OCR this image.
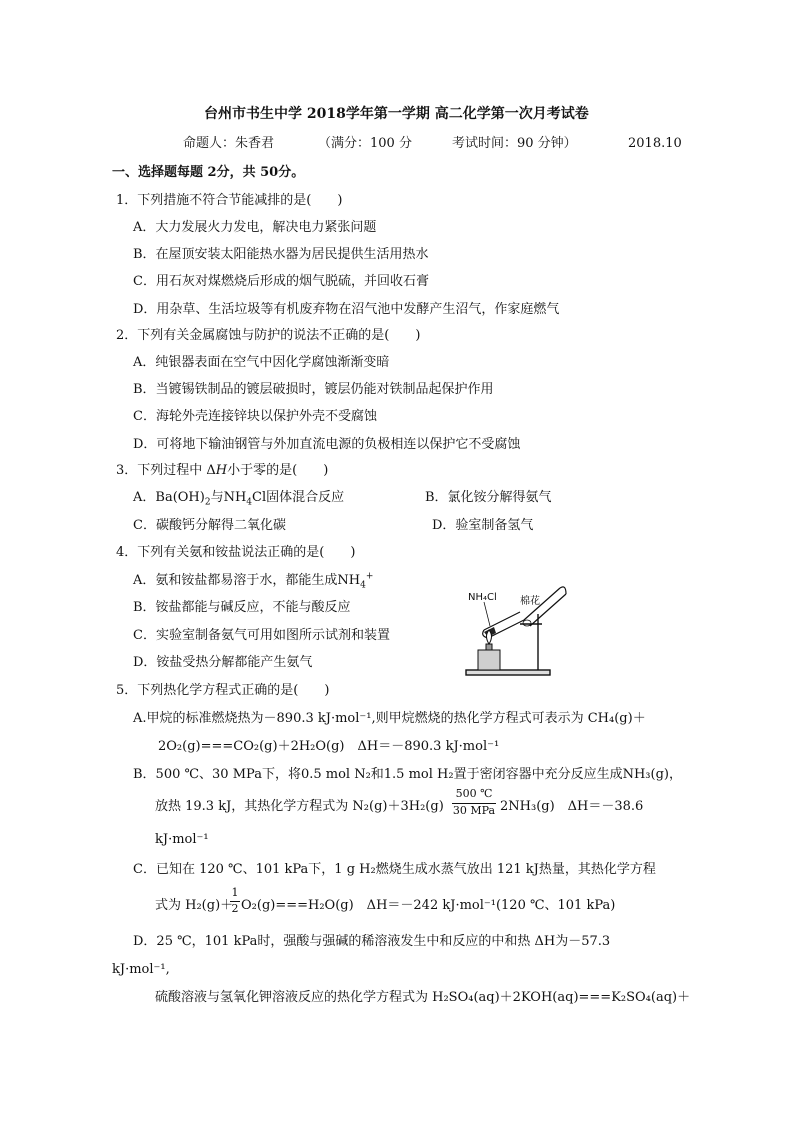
台州市书生中学 2018学年第一学期 高二化学第一次月考试卷
命题人：朱香君	（满分：100 分	考试时间：90 分钟）	2018.10
一、选择题每题 2分，共 50分。
1．下列措施不符合节能减排的是(　　)
A．大力发展火力发电，解决电力紧张问题
B．在屋顶安装太阳能热水器为居民提供生活用热水
C．用石灰对煤燃烧后形成的烟气脱硫，并回收石膏
D．用杂草、生活垃圾等有机废弃物在沼气池中发酵产生沼气，作家庭燃气
2．下列有关金属腐蚀与防护的说法不正确的是(　　)
A．纯银器表面在空气中因化学腐蚀渐渐变暗
B．当镀锡铁制品的镀层破损时，镀层仍能对铁制品起保护作用
C．海轮外壳连接锌块以保护外壳不受腐蚀
D．可将地下输油钢管与外加直流电源的负极相连以保护它不受腐蚀
3．下列过程中 ΔH小于零的是(　　)
A．$Ba(OH)_2$与$NH_4Cl$固体混合反应	B．氯化铵分解得氨气
C．碳酸钙分解得二氧化碳	D．验室制备氢气
4．下列有关氨和铵盐说法正确的是(　　)
A．氨和铵盐都易溶于水，都能生成$NH_4^+$
B．铵盐都能与碱反应，不能与酸反应
C．实验室制备氨气可用如图所示试剂和装置
D．铵盐受热分解都能产生氨气
NH₄Cl 棉花
5．下列热化学方程式正确的是(　　)
A.甲烷的标准燃烧热为－890.3 kJ·mol⁻¹,则甲烷燃烧的热化学方程式可表示为 CH₄(g)＋
2O₂(g)===CO₂(g)＋2H₂O(g)　ΔH＝－890.3 kJ·mol⁻¹
B．500 ℃、30 MPa下，将0.5 mol N₂和1.5 mol H₂置于密闭容器中充分反应生成NH₃(g)，
放热 19.3 kJ，其热化学方程式为 N₂(g)＋3H₂(g)
500 ℃
30 MPa 2NH₃(g)　ΔH＝－38.6
kJ·mol⁻¹
C．已知在 120 ℃、101 kPa下，1 g H₂燃烧生成水蒸气放出 121 kJ热量，其热化学方程
式为 H₂(g)＋
1
2 O₂(g)===H₂O(g)　ΔH＝－242 kJ·mol⁻¹(120 ℃、101 kPa)
D．25 ℃，101 kPa时，强酸与强碱的稀溶液发生中和反应的中和热 ΔH为－57.3
kJ·mol⁻¹,
硫酸溶液与氢氧化钾溶液反应的热化学方程式为 H₂SO₄(aq)＋2KOH(aq)===K₂SO₄(aq)＋
